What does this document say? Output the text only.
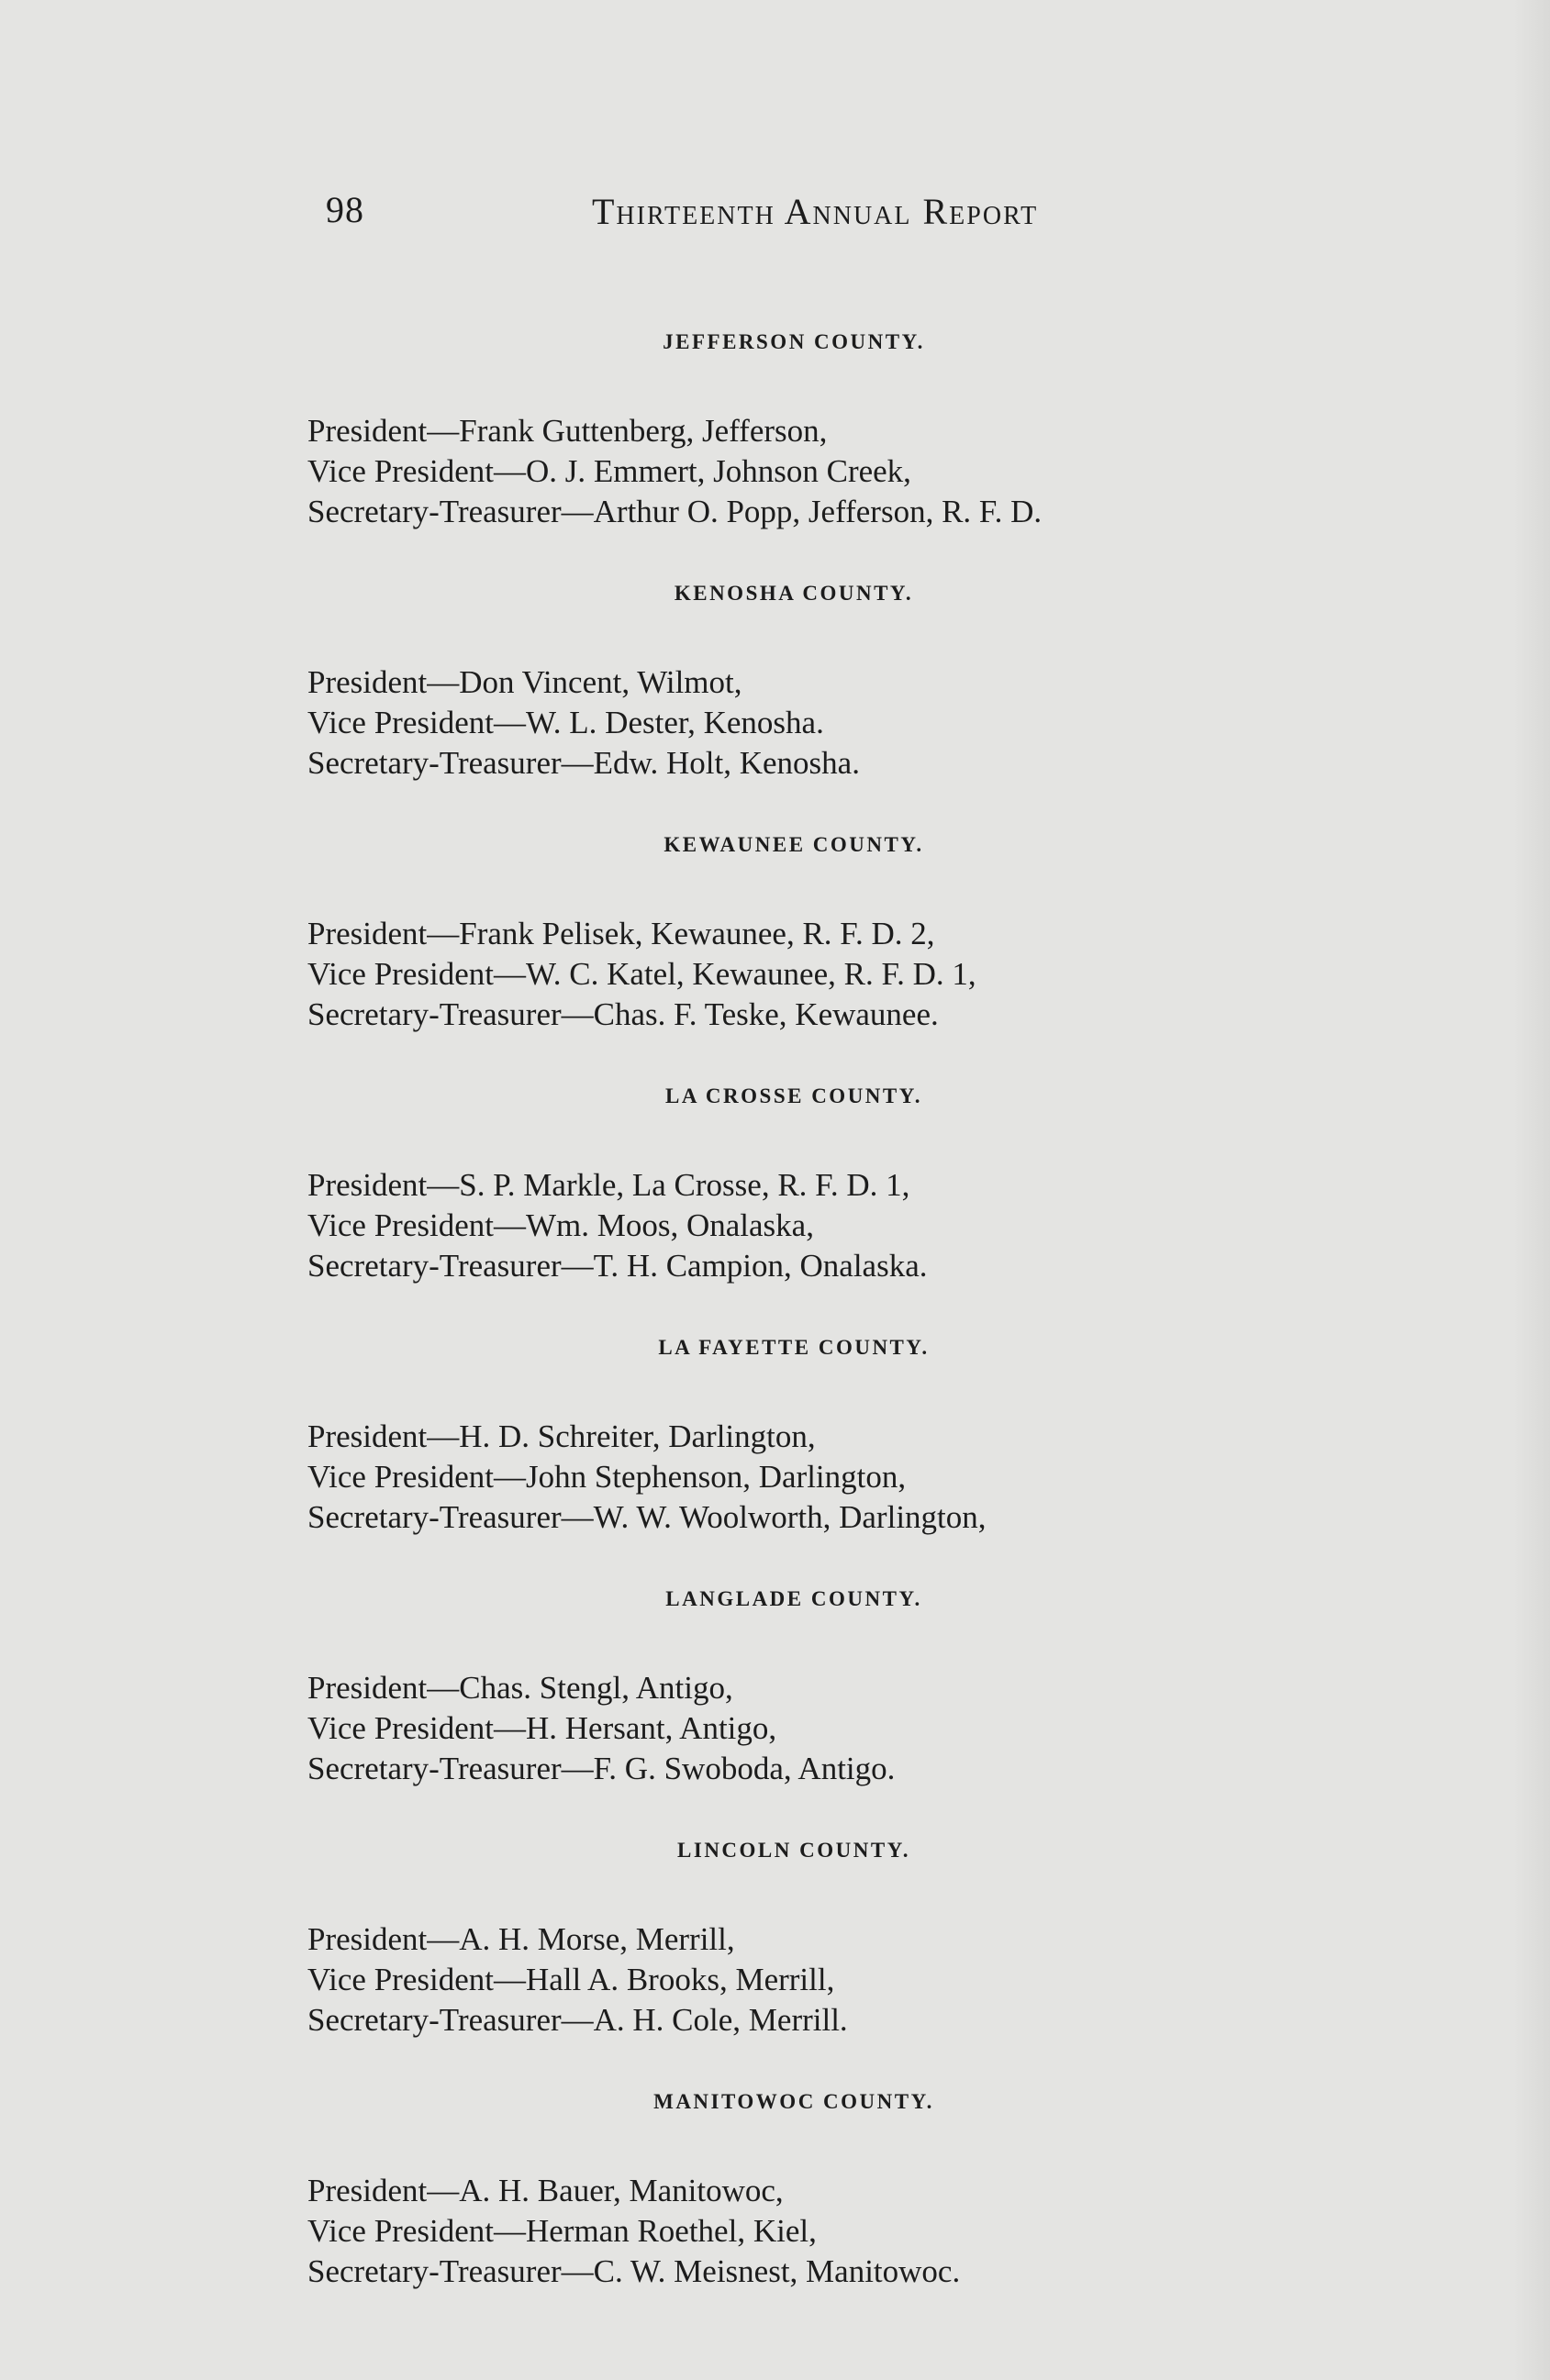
98	Thirteenth Annual Report
JEFFERSON COUNTY.
President—Frank Guttenberg, Jefferson,
Vice President—O. J. Emmert, Johnson Creek,
Secretary-Treasurer—Arthur O. Popp, Jefferson, R. F. D.
KENOSHA COUNTY.
President—Don Vincent, Wilmot,
Vice President—W. L. Dester, Kenosha.
Secretary-Treasurer—Edw. Holt, Kenosha.
KEWAUNEE COUNTY.
President—Frank Pelisek, Kewaunee, R. F. D. 2,
Vice President—W. C. Katel, Kewaunee, R. F. D. 1,
Secretary-Treasurer—Chas. F. Teske, Kewaunee.
LA CROSSE COUNTY.
President—S. P. Markle, La Crosse, R. F. D. 1,
Vice President—Wm. Moos, Onalaska,
Secretary-Treasurer—T. H. Campion, Onalaska.
LA FAYETTE COUNTY.
President—H. D. Schreiter, Darlington,
Vice President—John Stephenson, Darlington,
Secretary-Treasurer—W. W. Woolworth, Darlington,
LANGLADE COUNTY.
President—Chas. Stengl, Antigo,
Vice President—H. Hersant, Antigo,
Secretary-Treasurer—F. G. Swoboda, Antigo.
LINCOLN COUNTY.
President—A. H. Morse, Merrill,
Vice President—Hall A. Brooks, Merrill,
Secretary-Treasurer—A. H. Cole, Merrill.
MANITOWOC COUNTY.
President—A. H. Bauer, Manitowoc,
Vice President—Herman Roethel, Kiel,
Secretary-Treasurer—C. W. Meisnest, Manitowoc.
